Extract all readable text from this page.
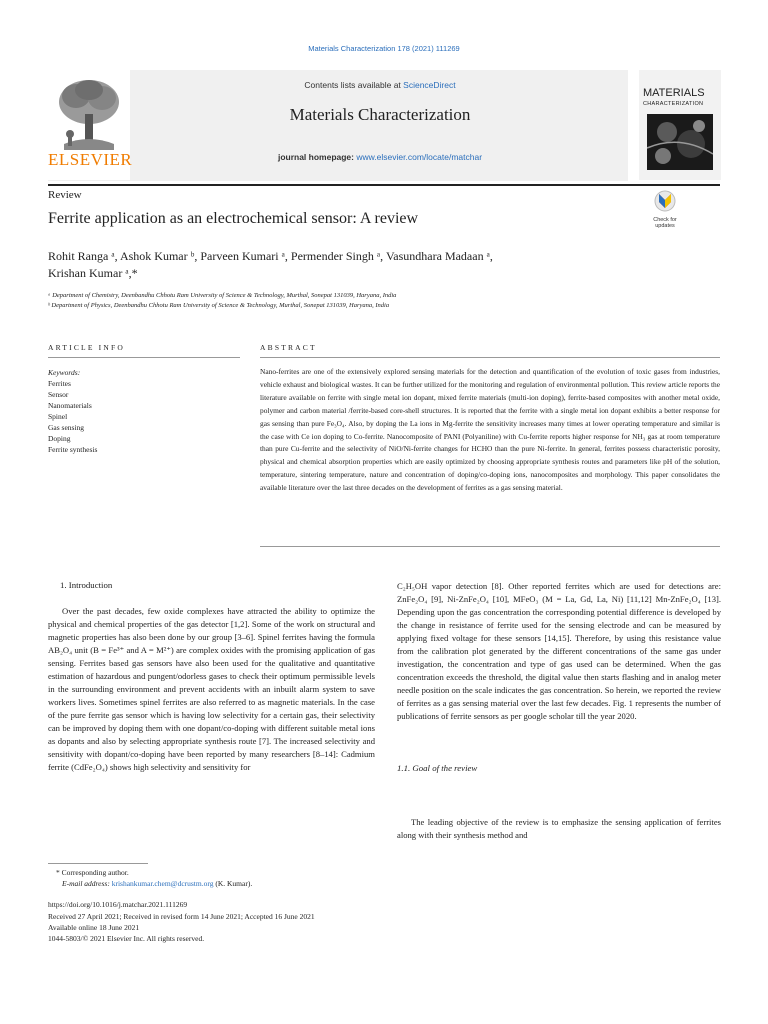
Materials Characterization 178 (2021) 111269
ELSEVIER
Contents lists available at ScienceDirect
Materials Characterization
journal homepage: www.elsevier.com/locate/matchar
MATERIALS
CHARACTERIZATION
Review
Ferrite application as an electrochemical sensor: A review	Check for
updates
Rohit Ranga ᵃ, Ashok Kumar ᵇ, Parveen Kumari ᵃ, Permender Singh ᵃ, Vasundhara Madaan ᵃ,
Krishan Kumar ᵃ,*
ᵃ Department of Chemistry, Deenbandhu Chhotu Ram University of Science & Technology, Murthal, Sonepat 131039, Haryana, India
ᵇ Department of Physics, Deenbandhu Chhotu Ram University of Science & Technology, Murthal, Sonepat 131039, Haryana, India
ARTICLE INFO	ABSTRACT
Keywords:
Ferrites
Sensor
Nanomaterials
Spinel
Gas sensing
Doping
Ferrite synthesis
Nano-ferrites are one of the extensively explored sensing materials for the detection and quantification of the evolution of toxic gases from industries, vehicle exhaust and biological wastes. It can be further utilized for the monitoring and regulation of environmental pollution. This review article reports the literature available on ferrite with single metal ion dopant, mixed ferrite materials (multi-ion doping), ferrite-based composites with another metal oxide, polymer and carbon material /ferrite-based core-shell structures. It is reported that the ferrite with a single metal ion dopant exhibits a better response for gas sensing than pure Fe₃O₄. Also, by doping the La ions in Mg-ferrite the sensitivity increases many times at lower operating temperature and similar is the case with Ce ion doping to Co-ferrite. Nanocomposite of PANI (Polyaniline) with Cu-ferrite reports higher response for NH₃ gas at room temperature than pure Cu-ferrite and the selectivity of NiO/Ni-ferrite changes for HCHO than the pure Ni-ferrite. In general, ferrites possess characteristic porosity, physical and chemical absorption properties which are easily optimized by choosing appropriate synthesis routes and parameters like pH of the solution, temperature, sintering temperature, nature and concentration of doping/co-doping ions, nanocomposites and morphology. This paper consolidates the available literature over the last three decades on the development of ferrites as a gas sensing material.
1. Introduction

Over the past decades, few oxide complexes have attracted the ability to optimize the physical and chemical properties of the gas detector [1,2]. Some of the work on structural and magnetic properties has also been done by our group [3–6]. Spinel ferrites having the formula AB₂O₄ unit (B = Fe³⁺ and A = M²⁺) are complex oxides with the promising application of gas sensing. Ferrites based gas sensors have also been used for the qualitative and quantitative estimation of hazardous and pungent/odorless gases to check their optimum permissible levels in the surrounding environment and prevent accidents with an inbuilt alarm system to save workers lives. Sometimes spinel ferrites are also referred to as magnetic materials. In the case of the pure ferrite gas sensor which is having low selectivity for a certain gas, their selectivity can be improved by doping them with one dopant/co-doping with different suitable metal ions as dopants and also by selecting appropriate synthesis route [7]. The increased selectivity and sensitivity with dopant/co-doping have been reported by many researchers [8–14]: Cadmium ferrite (CdFe₂O₄) shows high selectivity and sensitivity for

C₂H₅OH vapor detection [8]. Other reported ferrites which are used for detections are: ZnFe₂O₄ [9], Ni-ZnFe₂O₄ [10], MFeO₃ (M = La, Gd, La, Ni) [11,12] Mn-ZnFe₂O₄ [13]. Depending upon the gas concentration the corresponding potential difference is developed by the change in resistance of ferrite used for the sensing electrode and can be measured by applying fixed voltage for these sensors [14,15]. Therefore, by using this resistance value from the calibration plot generated by the different concentrations of the same gas under investigation, the concentration and type of gas used can be determined. When the gas concentration exceeds the threshold, the digital value then starts flashing and in analog meter needle position on the scale indicates the gas concentration. So herein, we reported the review of ferrites as a gas sensing material over the last few decades. Fig. 1 represents the number of publications of ferrite sensors as per google scholar till the year 2020.

1.1. Goal of the review

The leading objective of the review is to emphasize the sensing application of ferrites along with their synthesis method and

* Corresponding author.
E-mail address: krishankumar.chem@dcrustm.org (K. Kumar).
https://doi.org/10.1016/j.matchar.2021.111269
Received 27 April 2021; Received in revised form 14 June 2021; Accepted 16 June 2021
Available online 18 June 2021
1044-5803/© 2021 Elsevier Inc. All rights reserved.
